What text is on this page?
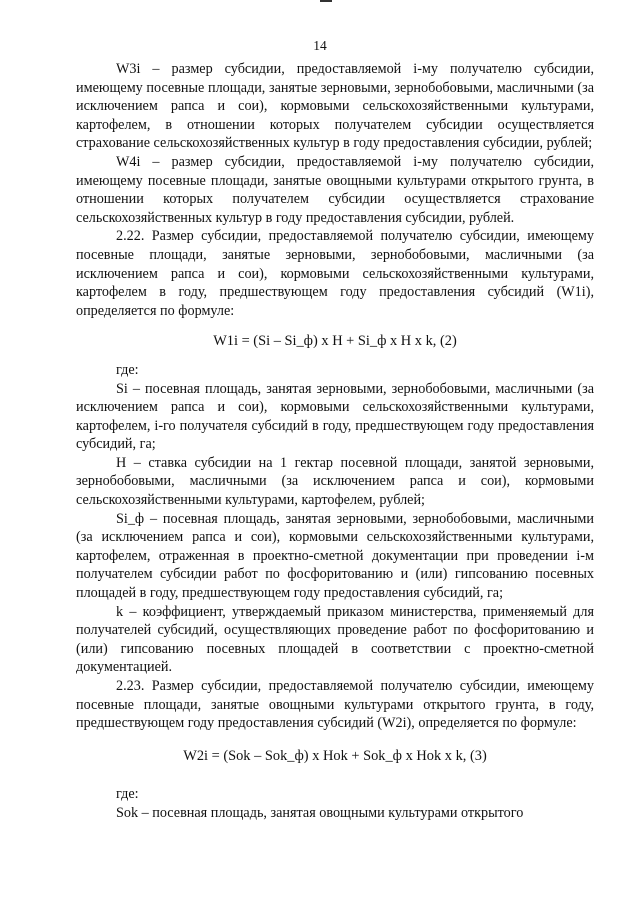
14

W3i – размер субсидии, предоставляемой i-му получателю субсидии, имеющему посевные площади, занятые зерновыми, зернобобовыми, масличными (за исключением рапса и сои), кормовыми сельскохозяйственными культурами, картофелем, в отношении которых получателем субсидии осуществляется страхование сельскохозяйственных культур в году предоставления субсидии, рублей;

W4i – размер субсидии, предоставляемой i-му получателю субсидии, имеющему посевные площади, занятые овощными культурами открытого грунта, в отношении которых получателем субсидии осуществляется страхование сельскохозяйственных культур в году предоставления субсидии, рублей.

2.22. Размер субсидии, предоставляемой получателю субсидии, имеющему посевные площади, занятые зерновыми, зернобобовыми, масличными (за исключением рапса и сои), кормовыми сельскохозяйственными культурами, картофелем в году, предшествующем году предоставления субсидий (W1i), определяется по формуле:

W1i = (Si – Si_ф) x H + Si_ф x H x k, (2)

где:

Si – посевная площадь, занятая зерновыми, зернобобовыми, масличными (за исключением рапса и сои), кормовыми сельскохозяйственными культурами, картофелем, i-го получателя субсидий в году, предшествующем году предоставления субсидий, га;

H – ставка субсидии на 1 гектар посевной площади, занятой зерновыми, зернобобовыми, масличными (за исключением рапса и сои), кормовыми сельскохозяйственными культурами, картофелем, рублей;

Si_ф – посевная площадь, занятая зерновыми, зернобобовыми, масличными (за исключением рапса и сои), кормовыми сельскохозяйственными культурами, картофелем, отраженная в проектно-сметной документации при проведении i-м получателем субсидии работ по фосфоритованию и (или) гипсованию посевных площадей в году, предшествующем году предоставления субсидий, га;

k – коэффициент, утверждаемый приказом министерства, применяемый для получателей субсидий, осуществляющих проведение работ по фосфоритованию и (или) гипсованию посевных площадей в соответствии с проектно-сметной документацией.

2.23. Размер субсидии, предоставляемой получателю субсидии, имеющему посевные площади, занятые овощными культурами открытого грунта, в году, предшествующем году предоставления субсидий (W2i), определяется по формуле:

W2i = (Sok – Sok_ф) x Hok + Sok_ф x Hok x k, (3)

где:

Sok – посевная площадь, занятая овощными культурами открытого
